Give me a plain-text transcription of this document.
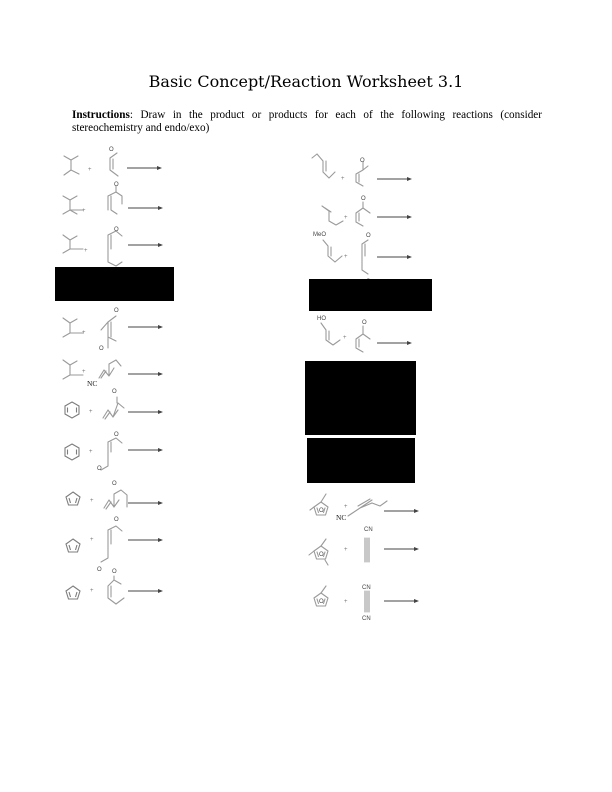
Basic Concept/Reaction Worksheet 3.1
Instructions: Draw in the product or products for each of the following reactions (consider stereochemistry and endo/exo)
+
O
+
O
+
O
+
O
O
+
NC
+
O
+
O
O
+
O
+
O
O
+
O
+
O
+
O
MeO
+
O
HO
+
O
O
+
NC
O
+
CN
O	+
CN
CN
